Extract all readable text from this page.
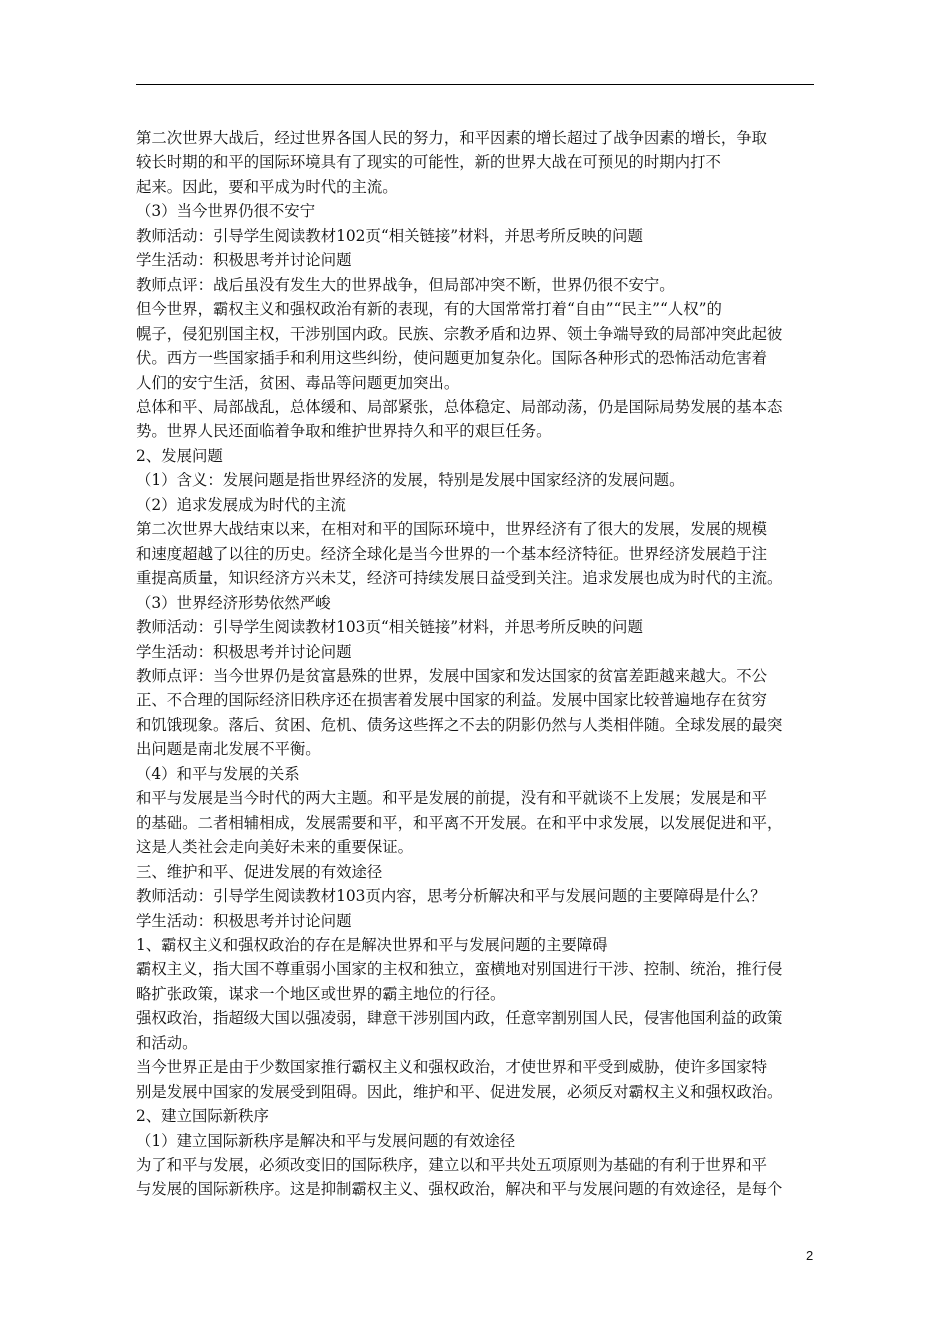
第二次世界大战后，经过世界各国人民的努力，和平因素的增长超过了战争因素的增长，争取

较长时期的和平的国际环境具有了现实的可能性，新的世界大战在可预见的时期内打不

起来。因此，要和平成为时代的主流。

（3）当今世界仍很不安宁

教师活动：引导学生阅读教材102页“相关链接”材料，并思考所反映的问题

学生活动：积极思考并讨论问题

教师点评：战后虽没有发生大的世界战争，但局部冲突不断，世界仍很不安宁。

但今世界，霸权主义和强权政治有新的表现，有的大国常常打着“自由”“民主”“人权”的

幌子，侵犯别国主权，干涉别国内政。民族、宗教矛盾和边界、领土争端导致的局部冲突此起彼

伏。西方一些国家插手和利用这些纠纷，使问题更加复杂化。国际各种形式的恐怖活动危害着

人们的安宁生活，贫困、毒品等问题更加突出。

总体和平、局部战乱，总体缓和、局部紧张，总体稳定、局部动荡，仍是国际局势发展的基本态

势。世界人民还面临着争取和维护世界持久和平的艰巨任务。

2、发展问题

（1）含义：发展问题是指世界经济的发展，特别是发展中国家经济的发展问题。

（2）追求发展成为时代的主流

第二次世界大战结束以来，在相对和平的国际环境中，世界经济有了很大的发展，发展的规模

和速度超越了以往的历史。经济全球化是当今世界的一个基本经济特征。世界经济发展趋于注

重提高质量，知识经济方兴未艾，经济可持续发展日益受到关注。追求发展也成为时代的主流。

（3）世界经济形势依然严峻

教师活动：引导学生阅读教材103页“相关链接”材料，并思考所反映的问题

学生活动：积极思考并讨论问题

教师点评：当今世界仍是贫富悬殊的世界，发展中国家和发达国家的贫富差距越来越大。不公

正、不合理的国际经济旧秩序还在损害着发展中国家的利益。发展中国家比较普遍地存在贫穷

和饥饿现象。落后、贫困、危机、债务这些挥之不去的阴影仍然与人类相伴随。全球发展的最突

出问题是南北发展不平衡。

（4）和平与发展的关系

和平与发展是当今时代的两大主题。和平是发展的前提，没有和平就谈不上发展；发展是和平

的基础。二者相辅相成，发展需要和平，和平离不开发展。在和平中求发展，以发展促进和平，

这是人类社会走向美好未来的重要保证。

三、维护和平、促进发展的有效途径

教师活动：引导学生阅读教材103页内容，思考分析解决和平与发展问题的主要障碍是什么？

学生活动：积极思考并讨论问题

1、霸权主义和强权政治的存在是解决世界和平与发展问题的主要障碍

霸权主义，指大国不尊重弱小国家的主权和独立，蛮横地对别国进行干涉、控制、统治，推行侵

略扩张政策，谋求一个地区或世界的霸主地位的行径。

强权政治，指超级大国以强凌弱，肆意干涉别国内政，任意宰割别国人民，侵害他国利益的政策

和活动。

当今世界正是由于少数国家推行霸权主义和强权政治，才使世界和平受到威胁，使许多国家特

别是发展中国家的发展受到阻碍。因此，维护和平、促进发展，必须反对霸权主义和强权政治。

2、建立国际新秩序

（1）建立国际新秩序是解决和平与发展问题的有效途径

为了和平与发展，必须改变旧的国际秩序，建立以和平共处五项原则为基础的有利于世界和平

与发展的国际新秩序。这是抑制霸权主义、强权政治，解决和平与发展问题的有效途径，是每个

2
